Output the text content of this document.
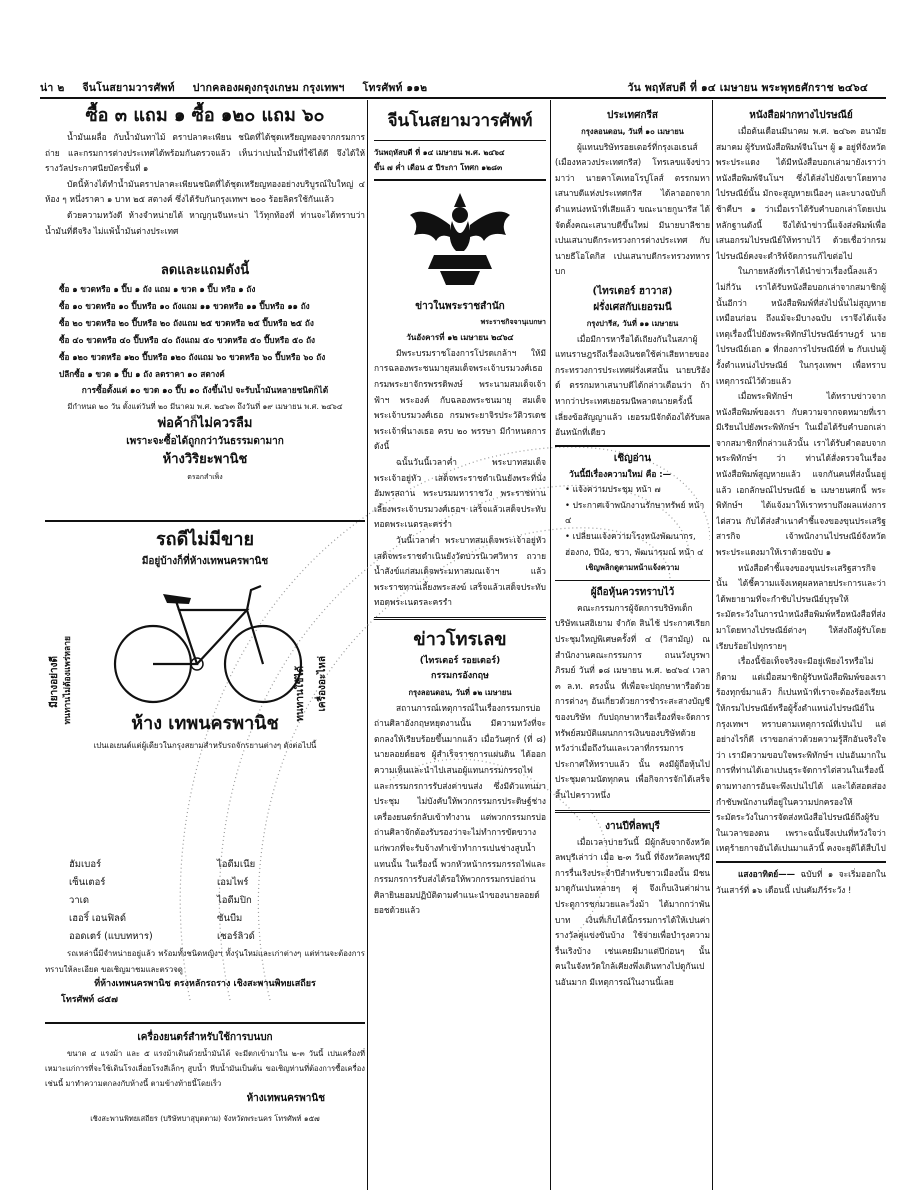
น่า ๒ จีนโนสยามวารศัพท์ ปากคลองผดุงกรุงเกษม กรุงเทพฯ โทรศัพท์ ๑๑๒	วัน พฤหัสบดี ที่ ๑๔ เมษายน พระพุทธศักราช ๒๔๖๔
ซื้อ ๓ แถม ๑ ซื้อ ๑๒๐ แถม ๖๐

น้ำมันเผลื่อ กับน้ำมันทาไม้ ตราปลาคะเพียน ชนิดที่ได้ชุดเหรียญทองจากกรมการ ถ่าย และกรมการต่างประเทศได้พร้อมกันตรวจแล้ว เห็นว่าเปนน้ำมันที่ใช้ได้ดี จึงได้ให้รางวัลประกาศนียบัตรชั้นที่ ๑

บัดนี้ห้างได้ทำน้ำมันตราปลาคะเพียนชนิดที่ได้ชุดเหรียญทองอย่างบริบูรณ์ใบใหญ่ ๔ ห้อง ๆ หนึ่งราคา ๑ บาท ๒๕ สตางค์ ซึ่งได้รับกันกรุงเทพฯ ๒๐๐ ร้อยลิตรใช้กันแล้ว

ด้วยความหวังดี ห้างจำหน่ายได้ หาญกุนจีนหะน่า ไว้ทุกท้องที่ ท่านจะได้ทราบว่า น้ำมันที่ดีจริง ไม่แพ้น้ำมันต่างประเทศ

ลดและแถมดังนี้
ซื้อ ๑ ขวดหรือ ๑ ปี๊บ ๑ ถัง แถม ๑ ขวด ๑ ปี๊บ หรือ ๑ ถัง
ซื้อ ๑๐ ขวดหรือ ๑๐ ปี๊บหรือ ๑๐ ถังแถม ๑๑ ขวดหรือ ๑๑ ปี๊บหรือ ๑๑ ถัง
ซื้อ ๒๐ ขวดหรือ ๒๐ ปี๊บหรือ ๒๐ ถังแถม ๒๕ ขวดหรือ ๒๕ ปี๊บหรือ ๒๕ ถัง
ซื้อ ๔๐ ขวดหรือ ๔๐ ปี๊บหรือ ๔๐ ถังแถม ๕๐ ขวดหรือ ๕๐ ปี๊บหรือ ๕๐ ถัง
ซื้อ ๑๒๐ ขวดหรือ ๑๒๐ ปี๊บหรือ ๑๒๐ ถังแถม ๖๐ ขวดหรือ ๖๐ ปี๊บหรือ ๖๐ ถัง
ปลีกซื้อ ๑ ขวด ๑ ปี๊บ ๑ ถัง ลดราคา ๑๐ สตางค์
การซื้อตั้งแต่ ๑๐ ขวด ๑๐ ปี๊บ ๑๐ ถังขึ้นไป จะรับน้ำมันหลายชนิดก็ได้
มีกำหนด ๒๐ วัน ตั้งแต่วันที่ ๒๐ มีนาคม พ.ศ. ๒๔๖๓ ถึงวันที่ ๑๙ เมษายน พ.ศ. ๒๔๖๔
พ่อค้าก็ไม่ควรลืม
เพราะจะซื้อได้ถูกกว่าวันธรรมดามาก
ห้างวิริยะพานิช
ตรอกสำเพ็ง
รถดีไม่มีขาย
มีอยู่บ้างก็ที่ห้างเทพนครพานิช
มียางอย่างดี ทนทานไม่ต้องแพร่หลาย	ทนทานใช้ได้ เครื่องอะไหล่
ห้าง เทพนครพานิช
เปนเอเยนต์แต่ผู้เดียวในกรุงสยามสำหรับรถจักรยานต่างๆ ดังต่อไปนี้
ฮัมเบอร์	ไอดีมเนีย
เซ็นเตอร์	เอมไพร์
วาเด	ไอดีมปิก
เฮอริ์ เอนฟิลด์	ซันบีม
ออดเตร์ (แบบทหาร)	เชอร์ลิวด์

รถเหล่านี้มีจำหน่ายอยู่แล้ว พร้อมทั้งชนิดหญิงฯ ทั้งรุ่นใหม่และเก่าต่างๆ แต่ท่านจะต้องการทราบให้ละเอียด ขอเชิญมาชมและตรวจดู

ที่ห้างเทพนครพานิช ตรงหลักรถราง เชิงสะพานพิทยเสถียร
โทรศัพท์ ๘๕๗
เครื่องยนตร์สำหรับใช้การบนบก

ขนาด ๔ แรงม้า และ ๕ แรงม้าเดินด้วยน้ำมันได้ จะมีตกเข้ามาใน ๒-๓ วันนี้ เปนเครื่องที่เหมาะแก่การที่จะใช้เดินโรงเลื่อยโรงสีเล็กๆ สูบน้ำ หีบน้ำมันเป็นต้น ขอเชิญท่านที่ต้องการซื้อเครื่องเช่นนี้ มาทำความตกลงกับห้างนี้ ตามข้างท้ายนี้โดยเร็ว

ห้างเทพนครพานิช
เชิงสะพานพิทยเสถียร (บริษัทบาสุบุตตาม) จังหวัดพระนคร โทรศัพท์ ๑๕๗
จีนโนสยามวารศัพท์
วันพฤหัสบดี ที่ ๑๔ เมษายน พ.ศ. ๒๔๖๔
ขึ้น ๗ ค่ำ เดือน ๕ ปีระกา โทศก ๑๒๘๓
ข่าวในพระราชสำนัก
พระราชกิจจานุเบกษา
วันอังคารที่ ๑๒ เมษายน ๒๔๖๔

มีพระบรมราชโองการโปรดเกล้าฯ ให้มีการฉลองพระชนมายุสมเด็จพระเจ้าบรมวงศ์เธอ กรมพระยาจักรพรรดิพงษ์ พระนามสมเด็จเจ้าฟ้าฯ พระองค์ กับฉลองพระชนมายุ สมเด็จพระเจ้าบรมวงศ์เธอ กรมพระยาจิรประวัติวรเดช พระเจ้าพี่นางเธอ ครบ ๒๐ พรรษา มีกำหนดการดังนี้

ฉนั้นวันนี้เวลาค่ำ พระบาทสมเด็จพระเจ้าอยู่หัว เสด็จพระราชดำเนินยังพระที่นั่งอัมพรสถาน พระบรมมหาราชวัง พระราชทานเลี้ยงพระเจ้าบรมวงศ์เธอฯ เสร็จแล้วเสด็จประทับทอดพระเนตรละครรำ

วันนี้เวลาค่ำ พระบาทสมเด็จพระเจ้าอยู่หัว เสด็จพระราชดำเนินยังวัดบวรนิเวศวิหาร ถวายน้ำสังข์แก่สมเด็จพระมหาสมณเจ้าฯ แล้วพระราชทานเลี้ยงพระสงฆ์ เสร็จแล้วเสด็จประทับทอดพระเนตรละครรำ

ข่าวโทรเลข
(ไทรเตอร์ รอยเตอร์)
กรรมกรอังกฤษ
กรุงลอนดอน, วันที่ ๑๒ เมษายน

สถานการณ์เหตุการณ์ในเรื่องกรรมกรบ่อถ่านศิลาอังกฤษหยุดงานนั้น มีความหวังที่จะตกลงให้เรียบร้อยขึ้นมากแล้ว เมื่อวันศุกร์ (ที่ ๘) นายลอยด์ยอช ผู้สำเร็จราชการแผ่นดิน ได้ออกความเห็นและนำไปเสนอผู้แทนกรรมกรรถไฟ และกรรมกรการรับส่งค่าขนส่ง ซึ่งมีตัวแทนมาประชุม ไม่บังคับให้พวกกรรมกรประดิษฐ์ช่างเครื่องยนตร์กลับเข้าทำงาน แต่พวกกรรมกรบ่อถ่านศิลาจักต้องรับรองว่าจะไม่ทำการขัดขวาง แก่พวกที่จะรับจ้างทำเข้าทำการเปนช่างสูบน้ำแทนนั้น ในเรื่องนี้ พวกหัวหน้ากรรมกรรถไฟและกรรมกรการรับส่งได้รอให้พวกกรรมกรบ่อถ่านศิลายินยอมปฏิบัติตามคำแนะนำของนายลอยด์ยอชด้วยแล้ว

ประเทศกรีส
กรุงลอนดอน, วันที่ ๑๐ เมษายน

ผู้แทนบริษัทรอยเตอร์ที่กรุงเอเธนส์ (เมืองหลวงประเทศกรีส) โทรเลขแจ้งข่าวมาว่า นายคาโคเทอโรปูโลส์ ตรรกมหาเสนาบดีแห่งประเทศกรีส ได้ลาออกจากตำแหน่งหน้าที่เสียแล้ว ขณะนายกูนารีส ได้จัดตั้งคณะเสนาบดีขึ้นใหม่ มีนายบาลีชาย เปนเสนาบดีกระทรวงการต่างประเทศ กับนายธีโอโตกิส เปนเสนาบดีกระทรวงทหารบก

(ไทรเตอร์ ฮาวาส)
ฝรั่งเศสกับเยอรมนี
กรุงปารีส, วันที่ ๑๑ เมษายน

เมื่อมีการหารือได้เถียงกันในสภาผู้แทนราษฎรถึงเรื่องเงินชดใช้ค่าเสียหายของกระทรวงการประเทศฝรั่งเศสนั้น นายบริอังด์ ตรรกมหาเสนาบดีได้กล่าวเตือนว่า ถ้าหากว่าประเทศเยอรมนีพลาดนายครั้งนี้ เลี่ยงข้อสัญญาแล้ว เยอรมนีจักต้องได้รับผลอันหนักที่เดียว

เชิญอ่าน
วันนี้มีเรื่องความใหม่ คือ :—
• แจ้งความประชุม หน้า ๗
• ประกาศเจ้าพนักงานรักษาทรัพย์ หน้า ๔
• เปลี่ยนแจ้งความโรงหนังพัฒนากร, ฮ่องกง, ปีนัง, ชวา, พัฒนารมณ์ หน้า ๔
เชิญพลิกดูตามหน้าแจ้งความ
ผู้ถือหุ้นควรทราบไว้

คณะกรรมการผู้จัดการบริษัทเด็กบริษัทเนสฮิเยาม จำกัด สินไช้ ประกาศเรียกประชุมใหญ่พิเศษครั้งที่ ๔ (วิสามัญ) ณ สำนักงานคณะกรรมการ ถนนวังบูรพาภิรมย์ วันที่ ๑๘ เมษายน พ.ศ. ๒๔๖๔ เวลา ๓ ล.ท. ตรงนั้น ที่เพื่อจะปฤกษาหารือด้วยการต่างๆ อันเกี่ยวด้วยการชำระสะสางบัญชีของบริษัท กับปฤกษาหารือเรื่องที่จะจัดการทรัพย์สมบัติแผนกการเงินของบริษัทด้วย หวังว่าเมื่อถึงวันและเวลาที่กรรมการประกาศให้ทราบแล้ว นั้น คงมีผู้ถือหุ้นไปประชุมตามนัดทุกคน เพื่อกิจการจักได้เสร็จสิ้นไปคราวหนึ่ง

งานปีที่ลพบุรี

เมื่อเวลาบ่ายวันนี้ มีผู้กลับจากจังหวัดลพบุรีเล่าว่า เมื่อ ๒-๓ วันนี้ ที่จังหวัดลพบุรีมีการรื่นเริงประจำปีสำหรับชาวเมืองนั้น มีชนมาดูกันเปนหลายๆ คู่ จึงเก็บเงินค่าผ่านประตูการชกมวยและวิ่งม้า ได้มากกว่าพันบาท เงินที่เก็บได้นี้กรรมการได้ให้เปนค่ารางวัลคู่แข่งขันบ้าง ใช้จ่ายเพื่อบำรุงความรื่นเริงบ้าง เช่นเคยมีมาแต่ปีก่อนๆ นั้น คนในจังหวัดใกล้เคียงพึ่งเดินทางไปดูกันเปนอันมาก มีเหตุการณ์ในงานนี้เลย

หนังสือฝากทางไปรษณีย์

เมื่อต้นเดือนมีนาคม พ.ศ. ๒๔๖๓ อนามัยสมาคม ผู้รับหนังสือพิมพ์จีนโนฯ ผู้ ๑ อยู่ที่จังหวัดพระประแดง ได้มีหนังสือบอกเล่ามายังเราว่า หนังสือพิมพ์จีนโนฯ ซึ่งได้ส่งไปยังเขาโดยทางไปรษณีย์นั้น มักจะสูญหายเนืองๆ และบางฉบับก็ช้าคืบฯ ๑ ว่าเมื่อเราได้รับคำบอกเล่าโดยเปนหลักฐานดังนี้ จึงได้นำข่าวนี้แจ้งส่งพิมพ์เพื่อเสนอกรมไปรษณีย์ให้ทราบไว้ ด้วยเชื่อว่ากรมไปรษณีย์คงจะดำริห์จัดการแก้ไขต่อไป

ในภายหลังที่เราได้นำข่าวเรื่องนี้ลงแล้วไม่กี่วัน เราได้รับหนังสือบอกเล่าจากสมาชิกผู้นั้นอีกว่า หนังสือพิมพ์ที่ส่งไปนั้นไม่สูญหายเหมือนก่อน ถึงแม้จะมีบางฉบับ เราจึงได้แจ้งเหตุเรื่องนี้ไปยังพระพิทักษ์ไปรษณีย์ราษฎร์ นายไปรษณีย์เอก ๑ ที่กองการไปรษณีย์ที่ ๒ กับเปนผู้รั้งตำแหน่งไปรษณีย์ ในกรุงเทพฯ เพื่อทราบเหตุการณ์ไว้ด้วยแล้ว

เมื่อพระพิทักษ์ฯ ได้ทราบข่าวจากหนังสือพิมพ์ของเรา กับความจากจดหมายที่เรามีเรียนไปยังพระพิทักษ์ฯ ในเมื่อได้รับคำบอกเล่าจากสมาชิกที่กล่าวแล้วนั้น เราได้รับคำตอบจากพระพิทักษ์ฯ ว่า ท่านได้สั่งตรวจในเรื่องหนังสือพิมพ์สูญหายแล้ว แจกกันคนที่ส่งนั้นอยู่แล้ว เอกลักษณ์ไปรษณีย์ ๒ เมษายนศกนี้ พระพิทักษ์ฯ ได้แจ้งมาให้เราทราบถึงผลแห่งการไต่สวน กับได้ส่งสำเนาคำชี้แจงของขุนประเสริฐสารกิจ เจ้าพนักงานไปรษณีย์จังหวัดพระประแดงมาให้เราด้วยฉบับ ๑

หนังสือคำชี้แจงของขุนประเสริฐสารกิจนั้น ได้ชี้ความแจ้งเหตุผลหลายประการและว่าได้พยายามที่จะกำชับไปรษณีย์บุรุษให้ระมัดระวังในการนำหนังสือพิมพ์หรือหนังสือที่ส่งมาโดยทางไปรษณีย์ต่างๆ ให้ส่งถึงผู้รับโดยเรียบร้อยไปทุกรายๆ

เรื่องนี้ข้อเท็จจริงจะมีอยู่เพียงไรหรือไม่ก็ตาม แต่เมื่อสมาชิกผู้รับหนังสือพิมพ์ของเราร้องทุกข์มาแล้ว ก็เปนหน้าที่เราจะต้องร้องเรียนให้กรมไปรษณีย์หรือผู้รั้งตำแหน่งไปรษณีย์ในกรุงเทพฯ ทราบตามเหตุการณ์ที่เปนไป แต่อย่างไรก็ดี เราขอกล่าวด้วยความรู้สึกอันจริงใจว่า เรามีความขอบใจพระพิทักษ์ฯ เปนอันมากในการที่ท่านได้เอาเปนธุระจัดการไต่สวนในเรื่องนี้ตามทางการอันจะพึงเปนไปได้ และได้สอดส่องกำชับพนักงานที่อยู่ในความปกครองให้ระมัดระวังในการจัดส่งหนังสือไปรษณีย์ถึงผู้รับในเวลาของตน เพราะฉนั้นจึงเปนที่หวังใจว่า เหตุร้ายกาจอันได้เปนมาแล้วนี้ คงจะยุติได้สืบไป

แสงอาทิตย์—— ฉบับที่ ๑ จะเริ่มออกในวันเสาร์ที่ ๑๖ เดือนนี้ เปนคัมภีร์ระวัง !
